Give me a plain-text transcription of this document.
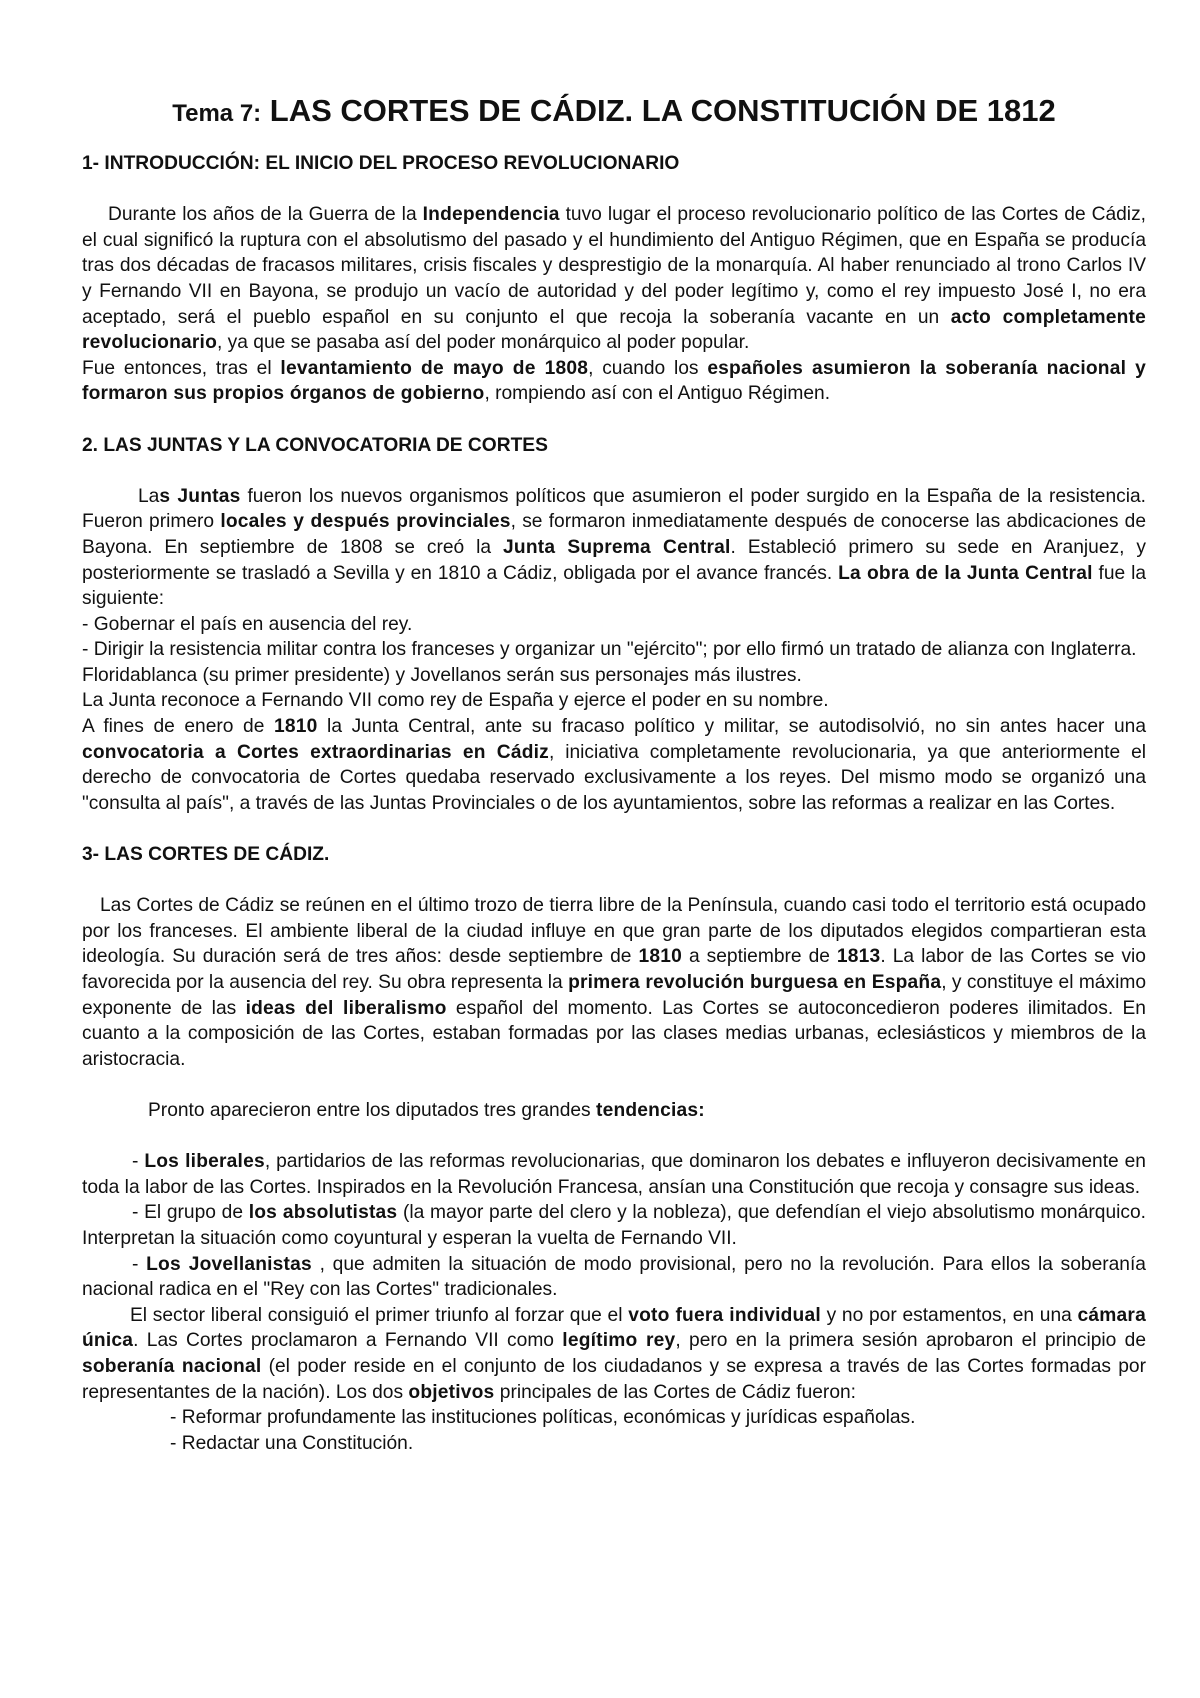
Tema 7: LAS CORTES DE CÁDIZ. LA CONSTITUCIÓN DE 1812
1- INTRODUCCIÓN: EL INICIO DEL PROCESO REVOLUCIONARIO

Durante los años de la Guerra de la Independencia tuvo lugar el proceso revolucionario político de las Cortes de Cádiz, el cual significó la ruptura con el absolutismo del pasado y el hundimiento del Antiguo Régimen, que en España se producía tras dos décadas de fracasos militares, crisis fiscales y desprestigio de la monarquía. Al haber renunciado al trono Carlos IV y Fernando VII en Bayona, se produjo un vacío de autoridad y del poder legítimo y, como el rey impuesto José I, no era aceptado, será el pueblo español en su conjunto el que recoja la soberanía vacante en un acto completamente revolucionario, ya que se pasaba así del poder monárquico al poder popular.

Fue entonces, tras el levantamiento de mayo de 1808, cuando los españoles asumieron la soberanía nacional y formaron sus propios órganos de gobierno, rompiendo así con el Antiguo Régimen.

2. LAS JUNTAS Y LA CONVOCATORIA DE CORTES

Las Juntas fueron los nuevos organismos políticos que asumieron el poder surgido en la España de la resistencia. Fueron primero locales y después provinciales, se formaron inmediatamente después de conocerse las abdicaciones de Bayona. En septiembre de 1808 se creó la Junta Suprema Central. Estableció primero su sede en Aranjuez, y posteriormente se trasladó a Sevilla y en 1810 a Cádiz, obligada por el avance francés. La obra de la Junta Central fue la siguiente:

- Gobernar el país en ausencia del rey.

- Dirigir la resistencia militar contra los franceses y organizar un "ejército"; por ello firmó un tratado de alianza con Inglaterra.

Floridablanca (su primer presidente) y Jovellanos serán sus personajes más ilustres.

La Junta reconoce a Fernando VII como rey de España y ejerce el poder en su nombre.

A fines de enero de 1810 la Junta Central, ante su fracaso político y militar, se autodisolvió, no sin antes hacer una convocatoria a Cortes extraordinarias en Cádiz, iniciativa completamente revolucionaria, ya que anteriormente el derecho de convocatoria de Cortes quedaba reservado exclusivamente a los reyes. Del mismo modo se organizó una "consulta al país", a través de las Juntas Provinciales o de los ayuntamientos, sobre las reformas a realizar en las Cortes.

3- LAS CORTES DE CÁDIZ.

Las Cortes de Cádiz se reúnen en el último trozo de tierra libre de la Península, cuando casi todo el territorio está ocupado por los franceses. El ambiente liberal de la ciudad influye en que gran parte de los diputados elegidos compartieran esta ideología. Su duración será de tres años: desde septiembre de 1810 a septiembre de 1813. La labor de las Cortes se vio favorecida por la ausencia del rey. Su obra representa la primera revolución burguesa en España, y constituye el máximo exponente de las ideas del liberalismo español del momento. Las Cortes se autoconcedieron poderes ilimitados. En cuanto a la composición de las Cortes, estaban formadas por las clases medias urbanas, eclesiásticos y miembros de la aristocracia.

Pronto aparecieron entre los diputados tres grandes tendencias:

- Los liberales, partidarios de las reformas revolucionarias, que dominaron los debates e influyeron decisivamente en toda la labor de las Cortes. Inspirados en la Revolución Francesa, ansían una Constitución que recoja y consagre sus ideas.

- El grupo de los absolutistas (la mayor parte del clero y la nobleza), que defendían el viejo absolutismo monárquico. Interpretan la situación como coyuntural y esperan la vuelta de Fernando VII.

- Los Jovellanistas , que admiten la situación de modo provisional, pero no la revolución. Para ellos la soberanía nacional radica en el "Rey con las Cortes" tradicionales.

El sector liberal consiguió el primer triunfo al forzar que el voto fuera individual y no por estamentos, en una cámara única. Las Cortes proclamaron a Fernando VII como legítimo rey, pero en la primera sesión aprobaron el principio de soberanía nacional (el poder reside en el conjunto de los ciudadanos y se expresa a través de las Cortes formadas por representantes de la nación). Los dos objetivos principales de las Cortes de Cádiz fueron:

- Reformar profundamente las instituciones políticas, económicas y jurídicas españolas.

- Redactar una Constitución.
